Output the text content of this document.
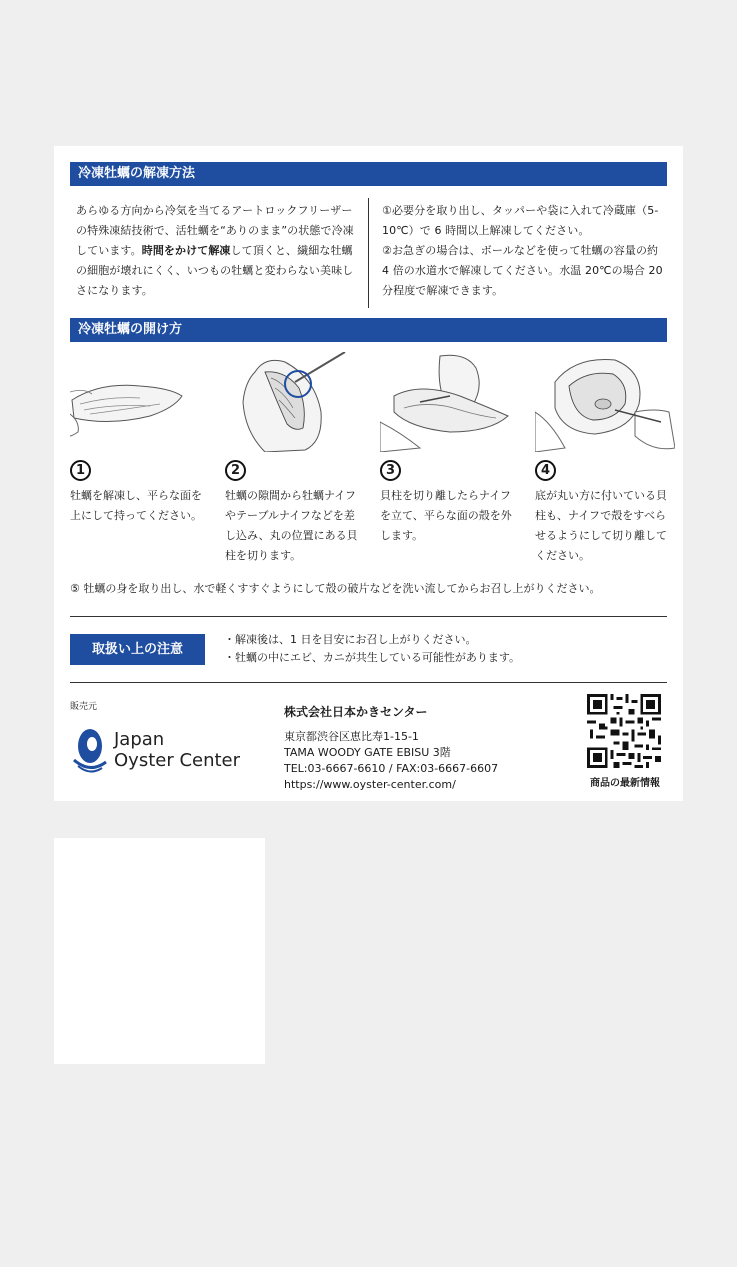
冷凍牡蠣の解凍方法
あらゆる方向から冷気を当てるアートロックフリーザーの特殊凍結技術で、活牡蠣を“ありのまま”の状態で冷凍しています。時間をかけて解凍して頂くと、繊細な牡蠣の細胞が壊れにくく、いつもの牡蠣と変わらない美味しさになります。
①必要分を取り出し、タッパーや袋に入れて冷蔵庫（5-10℃）で 6 時間以上解凍してください。
②お急ぎの場合は、ボールなどを使って牡蠣の容量の約 4 倍の水道水で解凍してください。水温 20℃の場合 20 分程度で解凍できます。
冷凍牡蠣の開け方
1
牡蠣を解凍し、平らな面を上にして持ってください。
2
牡蠣の隙間から牡蠣ナイフやテーブルナイフなどを差し込み、丸の位置にある貝柱を切ります。
3
貝柱を切り離したらナイフを立て、平らな面の殻を外します。
4
底が丸い方に付いている貝柱も、ナイフで殻をすべらせるようにして切り離してください。
⑤ 牡蠣の身を取り出し、水で軽くすすぐようにして殻の破片などを洗い流してからお召し上がりください。
取扱い上の注意
・解凍後は、1 日を目安にお召し上がりください。
・牡蠣の中にエビ、カニが共生している可能性があります。
販売元
Japan
Oyster Center
株式会社日本かきセンター
東京都渋谷区恵比寿1-15-1
TAMA WOODY GATE EBISU 3階
TEL:03-6667-6610 / FAX:03-6667-6607
https://www.oyster-center.com/	商品の最新情報
